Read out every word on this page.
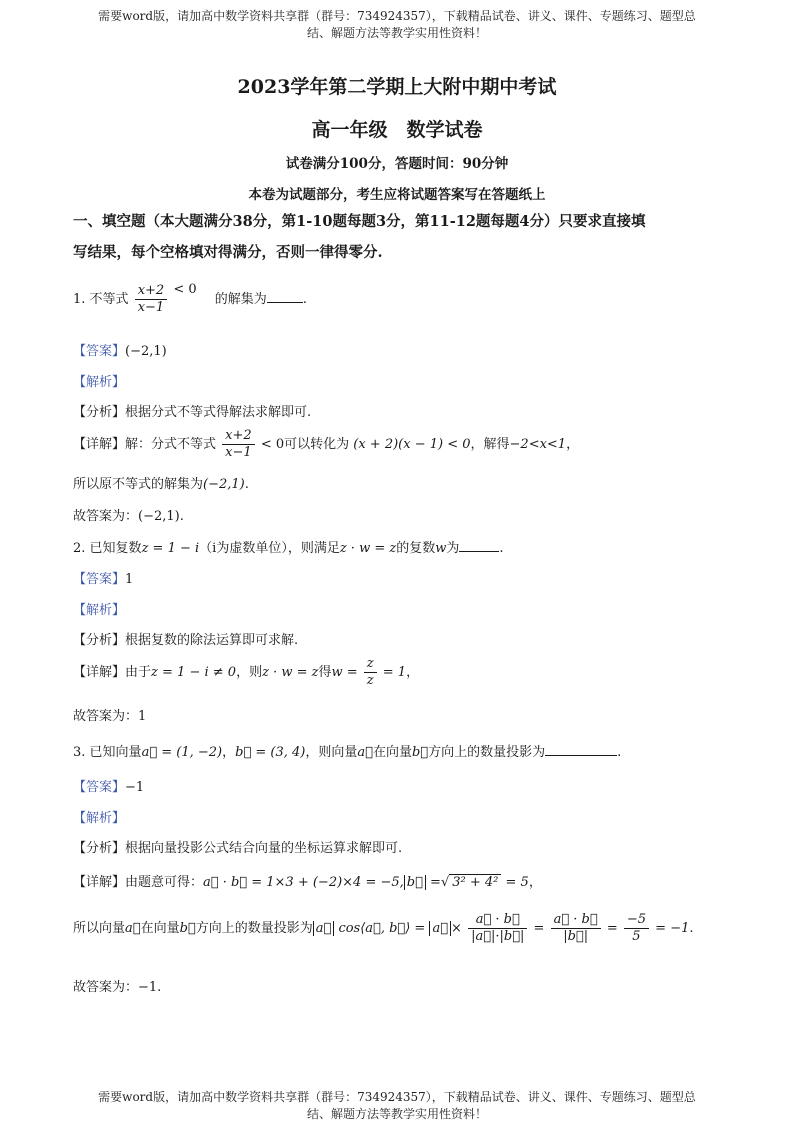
需要word版，请加高中数学资料共享群（群号：734924357），下载精品试卷、讲义、课件、专题练习、题型总
结、解题方法等教学实用性资料！
2023学年第二学期上大附中期中考试
高一年级　数学试卷
试卷满分100分，答题时间：90分钟
本卷为试题部分，考生应将试题答案写在答题纸上
一、填空题（本大题满分38分，第1-10题每题3分，第11-12题每题4分）只要求直接填
写结果，每个空格填对得满分，否则一律得零分.
1. 不等式 $\frac{x+2}{x-1} < 0$ 的解集为	.
【答案】(−2,1)
【解析】
【分析】根据分式不等式得解法求解即可.
【详解】解：分式不等式 $\frac{x+2}{x-1} < 0$可以转化为 (x + 2)(x − 1) < 0，解得−2<x<1，
所以原不等式的解集为(−2,1).
故答案为：(−2,1).
2. 已知复数z = 1 − i（i为虚数单位），则满足z · w = z的复数w为	.
【答案】1
【解析】
【分析】根据复数的除法运算即可求解.
【详解】由于z = 1 − i ≠ 0，则z · w = z得$w = \frac{z}{z} = 1$，
故答案为：1
3. 已知向量a⃗ = (1, −2)，b⃗ = (3, 4)，则向量a⃗在向量b⃗方向上的数量投影为	.
【答案】−1
【解析】
【分析】根据向量投影公式结合向量的坐标运算求解即可.
【详解】由题意可得：a⃗ · b⃗ = 1×3 + (−2)×4 = −5, b⃗ =√ 3² + 4² = 5，
所以向量a⃗在向量b⃗方向上的数量投影为 a⃗ cos⟨a⃗, b⃗⟩ = a⃗ × $\frac{a⃗ \cdot b⃗}{|a⃗|\cdot|b⃗|} = \frac{a⃗ \cdot b⃗}{|b⃗|} = \frac{-5}{5} = -1$.
故答案为：−1.
需要word版，请加高中数学资料共享群（群号：734924357），下载精品试卷、讲义、课件、专题练习、题型总
结、解题方法等教学实用性资料！
